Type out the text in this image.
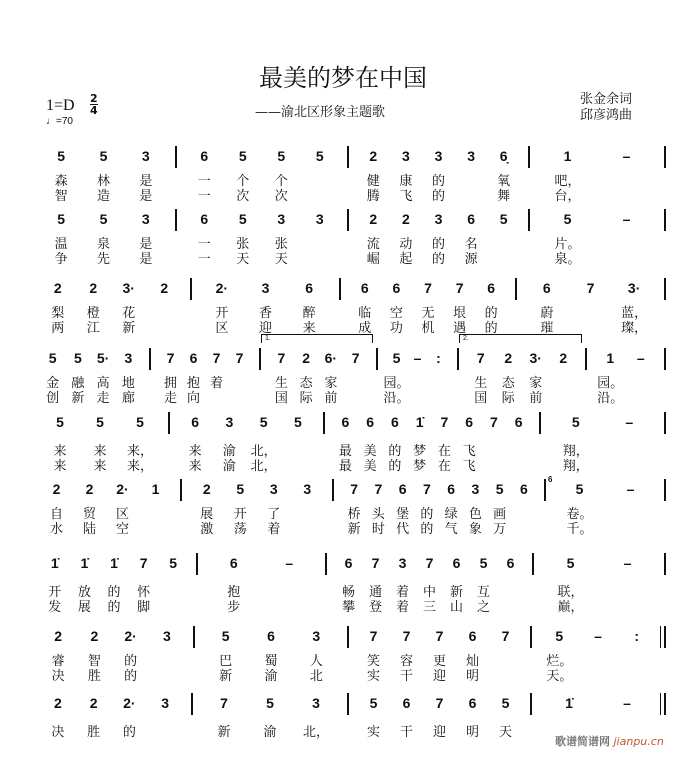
最美的梦在中国
——渝北区形象主题歌
1=D 2
4
♩=70
张金余词
邱彦鸿曲
5 5 3
森 林 是
智 造 是
6 5 5 5
一 个 个
一 次 次
2 3 3 3 6̣
健 康 的	氧
腾 飞 的	舞
1	–
吧，
台，
5 5 3
温 泉 是
争 先 是
6 5 3 3
一 张 张
一 天 天
2 2 3 6 5
流 动 的 名
崛 起 的 源
5	–
片。
泉。
2 2 3· 2
梨 橙 花
两 江 新
2· 3	6
开 香 醉
区 迎 来
6 6 7 7 6
临 空 无 垠 的
成 功 机 遇 的
6	7 3·
蔚	蓝，
璀	璨，
5 5 5· 3
金 融 高 地
创 新 走 廊
7 6 7 7
拥 抱 着
走 向
7 2 6· 7
生 态 家
国 际 前
1.
5 – :
园。
沿。
7 2 3· 2
生 态 家
国 际 前
2.
1 –
园。
沿。
5 5 5
来 来 来，
来 来 来，
6 3 5 5
来 渝 北，
来 渝 北，
6 6 6 1̇ 7 6 7 6
最 美 的 梦 在 飞
最 美 的 梦 在 飞
5	–
翔，
翔，
2 2 2· 1
自 贸 区
水 陆 空
2 5 3 3
展 开 了
激 荡 着
7 7 6 7 6 3 5 6
桥 头 堡 的 绿 色 画
新 时 代 的 气 象 万
5	–
卷。
千。
6
1̇ 1̇ 1̇ 7 5
开 放 的 怀
发 展 的 脚
6	–
抱
步
6 7 3 7 6 5 6
畅 通 着 中 新 互
攀 登 着 三 山 之
5	–
联，
巅，
2 2 2· 3
睿 智 的
决 胜 的
5	6	3
巴 蜀 人
新 渝 北
7 7 7 6 7
笑 容 更 灿
实 干 迎 明
5 – :
烂。
天。
2 2 2· 3
决 胜 的
7	5	3
新	渝 北，
5 6 7 6 5
实 干 迎 明 天
1̇	–
歌谱简谱网 jianpu.cn
